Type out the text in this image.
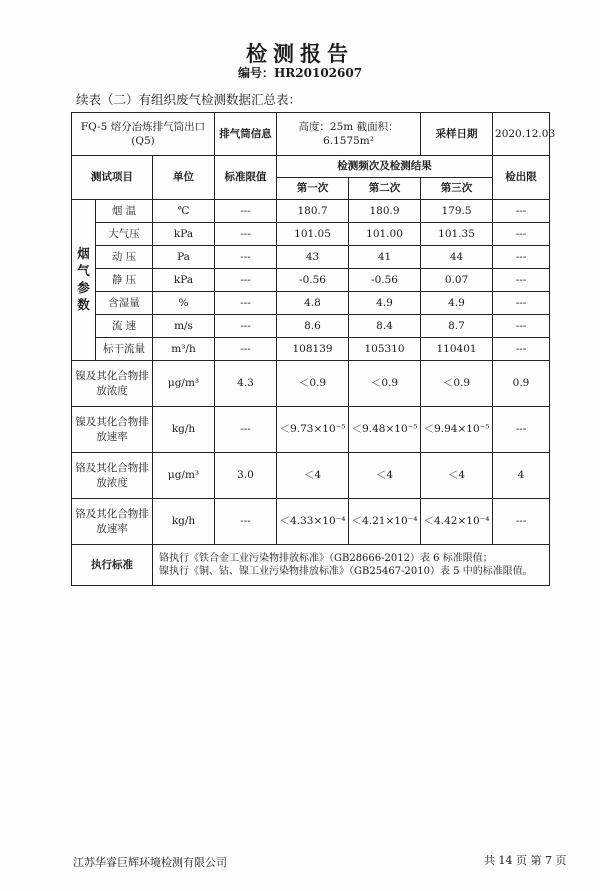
检测报告
编号：HR20102607
续表（二）有组织废气检测数据汇总表：
FQ-5 熔分冶炼排气筒出口(Q5)			排气筒信息	高度：25m 截面积：6.1575m²		采样日期	2020.12.03
测试项目		单位	标准限值	检测频次及检测结果			检出限
				第一次	第二次	第三次	
烟气参数	烟 温	℃	---	180.7	180.9	179.5	---
	大气压	kPa	---	101.05	101.00	101.35	---
	动 压	Pa	---	43	41	44	---
	静 压	kPa	---	-0.56	-0.56	0.07	---
	含湿量	%	---	4.8	4.9	4.9	---
	流 速	m/s	---	8.6	8.4	8.7	---
	标干流量	m³/h	---	108139	105310	110401	---
镍及其化合物排放浓度		μg/m³	4.3	＜0.9	＜0.9	＜0.9	0.9
镍及其化合物排放速率		kg/h	---	＜9.73×10⁻⁵	＜9.48×10⁻⁵	＜9.94×10⁻⁵	---
铬及其化合物排放浓度		μg/m³	3.0	＜4	＜4	＜4	4
铬及其化合物排放速率		kg/h	---	＜4.33×10⁻⁴	＜4.21×10⁻⁴	＜4.42×10⁻⁴	---
执行标准		铬执行《铁合金工业污染物排放标准》（GB28666-2012）表 6 标准限值；
镍执行《铜、钴、镍工业污染物排放标准》（GB25467-2010）表 5 中的标准限值。					
江苏华睿巨辉环境检测有限公司	共 14 页 第 7 页
